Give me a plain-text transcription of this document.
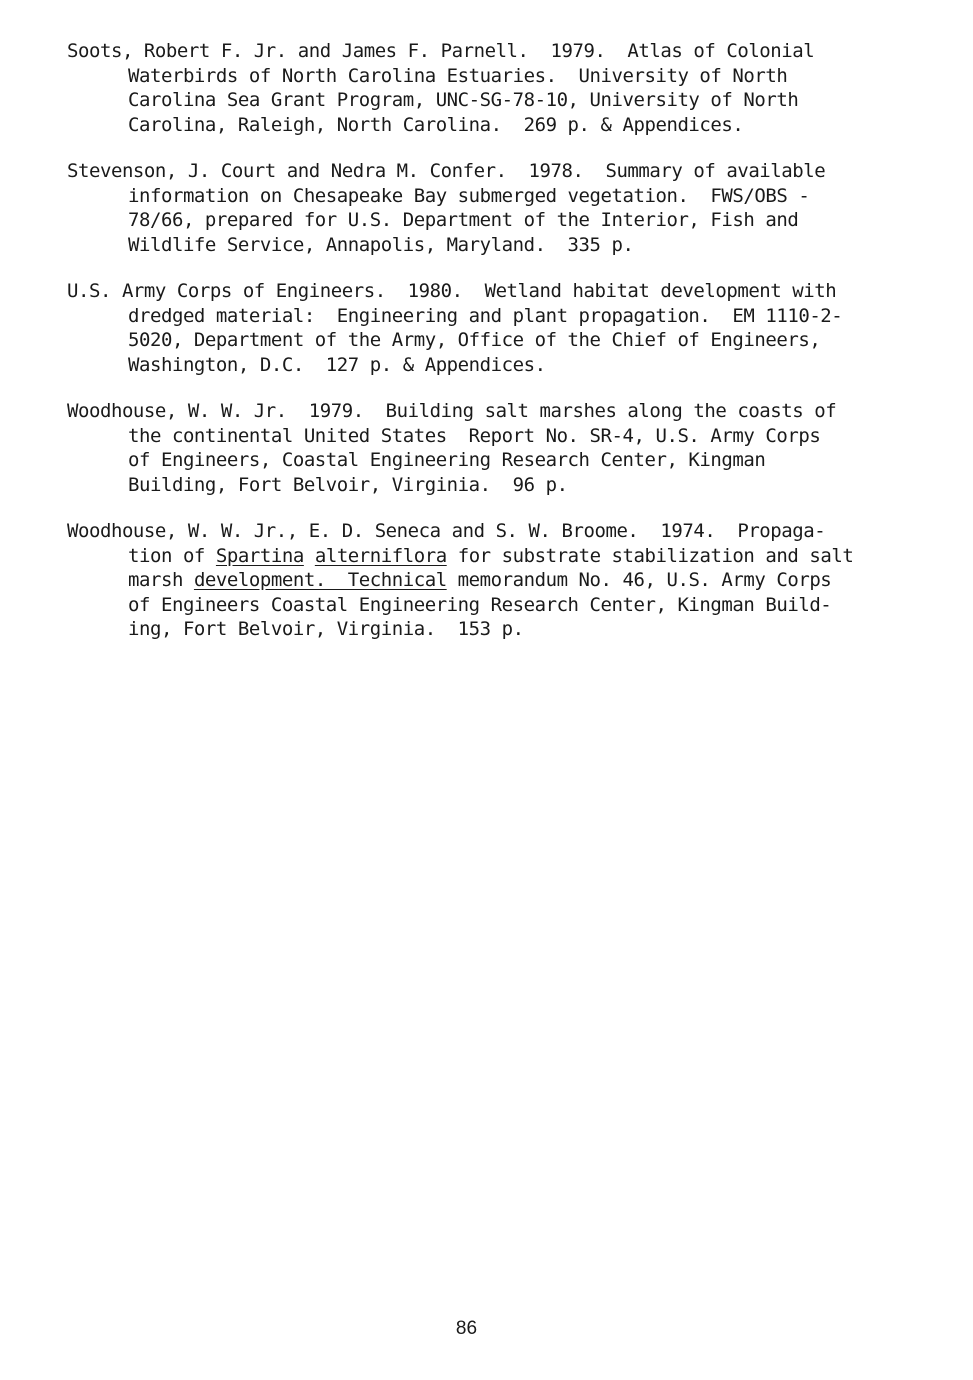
Soots, Robert F. Jr. and James F. Parnell.  1979.  Atlas of Colonial
Waterbirds of North Carolina Estuaries.  University of North
Carolina Sea Grant Program, UNC-SG-78-10, University of North
Carolina, Raleigh, North Carolina.  269 p. & Appendices.
Stevenson, J. Court and Nedra M. Confer.  1978.  Summary of available
information on Chesapeake Bay submerged vegetation.  FWS/OBS -
78/66, prepared for U.S. Department of the Interior, Fish and
Wildlife Service, Annapolis, Maryland.  335 p.
U.S. Army Corps of Engineers.  1980.  Wetland habitat development with
dredged material:  Engineering and plant propagation.  EM 1110-2-
5020, Department of the Army, Office of the Chief of Engineers,
Washington, D.C.  127 p. & Appendices.
Woodhouse, W. W. Jr.  1979.  Building salt marshes along the coasts of
the continental United States  Report No. SR-4, U.S. Army Corps
of Engineers, Coastal Engineering Research Center, Kingman
Building, Fort Belvoir, Virginia.  96 p.
Woodhouse, W. W. Jr., E. D. Seneca and S. W. Broome.  1974.  Propaga-
tion of Spartina alterniflora for substrate stabilization and salt
marsh development.  Technical memorandum No. 46, U.S. Army Corps
of Engineers Coastal Engineering Research Center, Kingman Build-
ing, Fort Belvoir, Virginia.  153 p.
86
